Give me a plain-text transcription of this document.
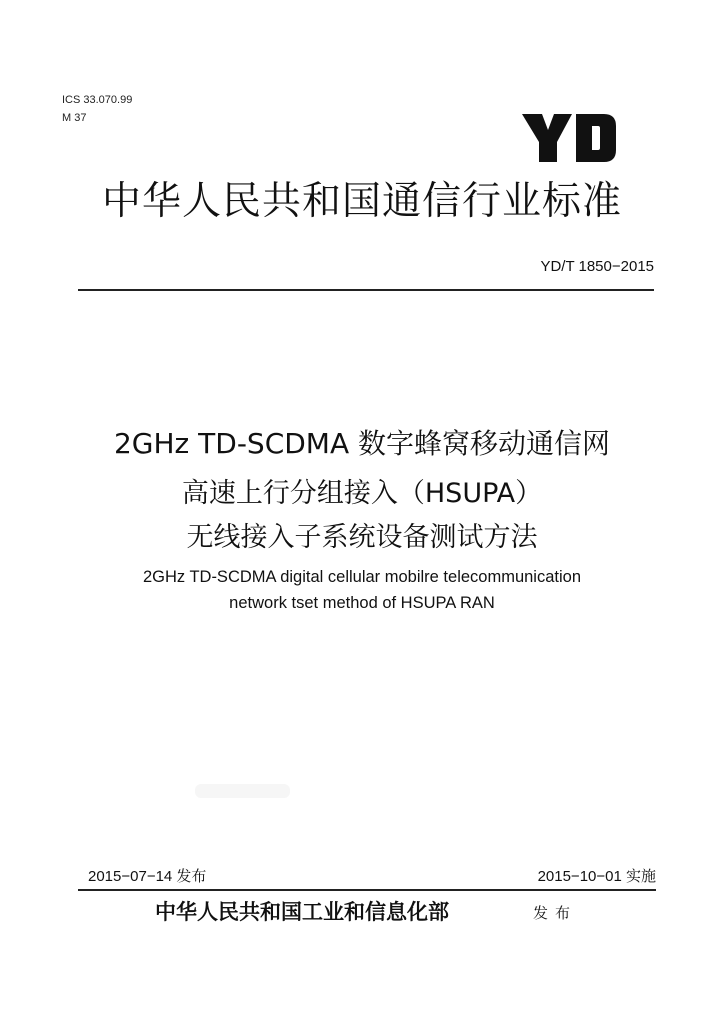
ICS 33.070.99
M 37
中华人民共和国通信行业标准
YD/T 1850−2015
2GHz TD-SCDMA 数字蜂窝移动通信网
高速上行分组接入（HSUPA）
无线接入子系统设备测试方法
2GHz TD-SCDMA digital cellular mobilre telecommunication
network tset method of HSUPA RAN
2015−07−14 发布	2015−10−01 实施
中华人民共和国工业和信息化部	发布
